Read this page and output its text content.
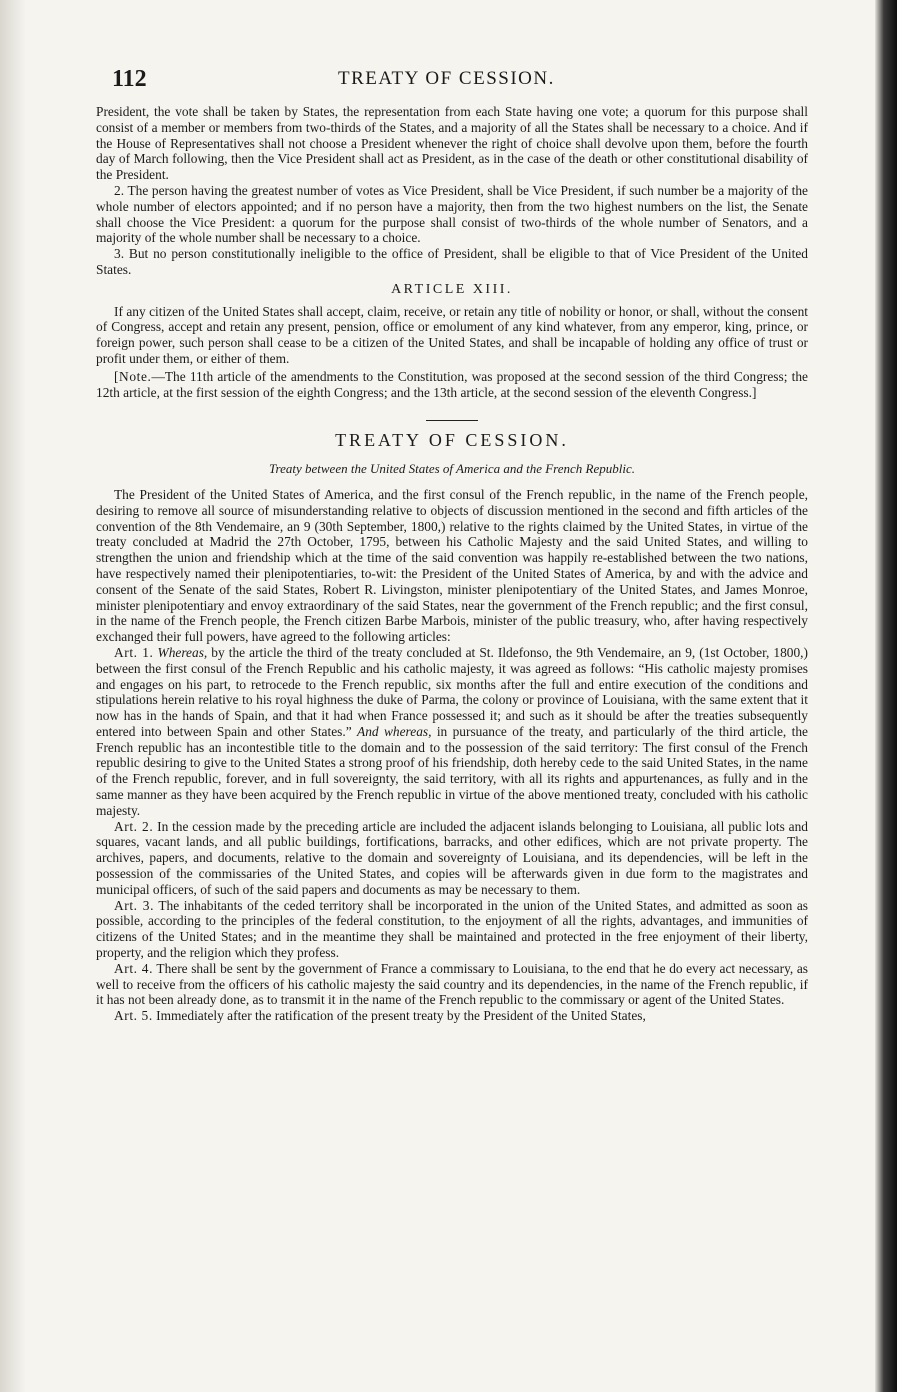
112	TREATY OF CESSION.

President, the vote shall be taken by States, the representation from each State having one vote; a quorum for this purpose shall consist of a member or members from two-thirds of the States, and a majority of all the States shall be necessary to a choice. And if the House of Representatives shall not choose a President whenever the right of choice shall devolve upon them, before the fourth day of March following, then the Vice President shall act as President, as in the case of the death or other constitutional disability of the President.

2. The person having the greatest number of votes as Vice President, shall be Vice President, if such number be a majority of the whole number of electors appointed; and if no person have a majority, then from the two highest numbers on the list, the Senate shall choose the Vice President: a quorum for the purpose shall consist of two-thirds of the whole number of Senators, and a majority of the whole number shall be necessary to a choice.

3. But no person constitutionally ineligible to the office of President, shall be eligible to that of Vice President of the United States.

ARTICLE XIII.

If any citizen of the United States shall accept, claim, receive, or retain any title of nobility or honor, or shall, without the consent of Congress, accept and retain any present, pension, office or emolument of any kind whatever, from any emperor, king, prince, or foreign power, such person shall cease to be a citizen of the United States, and shall be incapable of holding any office of trust or profit under them, or either of them.

[Note.—The 11th article of the amendments to the Constitution, was proposed at the second session of the third Congress; the 12th article, at the first session of the eighth Congress; and the 13th article, at the second session of the eleventh Congress.]

TREATY OF CESSION.
Treaty between the United States of America and the French Republic.

The President of the United States of America, and the first consul of the French republic, in the name of the French people, desiring to remove all source of misunderstanding relative to objects of discussion mentioned in the second and fifth articles of the convention of the 8th Vendemaire, an 9 (30th September, 1800,) relative to the rights claimed by the United States, in virtue of the treaty concluded at Madrid the 27th October, 1795, between his Catholic Majesty and the said United States, and willing to strengthen the union and friendship which at the time of the said convention was happily re-established between the two nations, have respectively named their plenipotentiaries, to-wit: the President of the United States of America, by and with the advice and consent of the Senate of the said States, Robert R. Livingston, minister plenipotentiary of the United States, and James Monroe, minister plenipotentiary and envoy extraordinary of the said States, near the government of the French republic; and the first consul, in the name of the French people, the French citizen Barbe Marbois, minister of the public treasury, who, after having respectively exchanged their full powers, have agreed to the following articles:

Art. 1. Whereas, by the article the third of the treaty concluded at St. Ildefonso, the 9th Vendemaire, an 9, (1st October, 1800,) between the first consul of the French Republic and his catholic majesty, it was agreed as follows: “His catholic majesty promises and engages on his part, to retrocede to the French republic, six months after the full and entire execution of the conditions and stipulations herein relative to his royal highness the duke of Parma, the colony or province of Louisiana, with the same extent that it now has in the hands of Spain, and that it had when France possessed it; and such as it should be after the treaties subsequently entered into between Spain and other States.” And whereas, in pursuance of the treaty, and particularly of the third article, the French republic has an incontestible title to the domain and to the possession of the said territory: The first consul of the French republic desiring to give to the United States a strong proof of his friendship, doth hereby cede to the said United States, in the name of the French republic, forever, and in full sovereignty, the said territory, with all its rights and appurtenances, as fully and in the same manner as they have been acquired by the French republic in virtue of the above mentioned treaty, concluded with his catholic majesty.

Art. 2. In the cession made by the preceding article are included the adjacent islands belonging to Louisiana, all public lots and squares, vacant lands, and all public buildings, fortifications, barracks, and other edifices, which are not private property. The archives, papers, and documents, relative to the domain and sovereignty of Louisiana, and its dependencies, will be left in the possession of the commissaries of the United States, and copies will be afterwards given in due form to the magistrates and municipal officers, of such of the said papers and documents as may be necessary to them.

Art. 3. The inhabitants of the ceded territory shall be incorporated in the union of the United States, and admitted as soon as possible, according to the principles of the federal constitution, to the enjoyment of all the rights, advantages, and immunities of citizens of the United States; and in the meantime they shall be maintained and protected in the free enjoyment of their liberty, property, and the religion which they profess.

Art. 4. There shall be sent by the government of France a commissary to Louisiana, to the end that he do every act necessary, as well to receive from the officers of his catholic majesty the said country and its dependencies, in the name of the French republic, if it has not been already done, as to transmit it in the name of the French republic to the commissary or agent of the United States.

Art. 5. Immediately after the ratification of the present treaty by the President of the United States,
